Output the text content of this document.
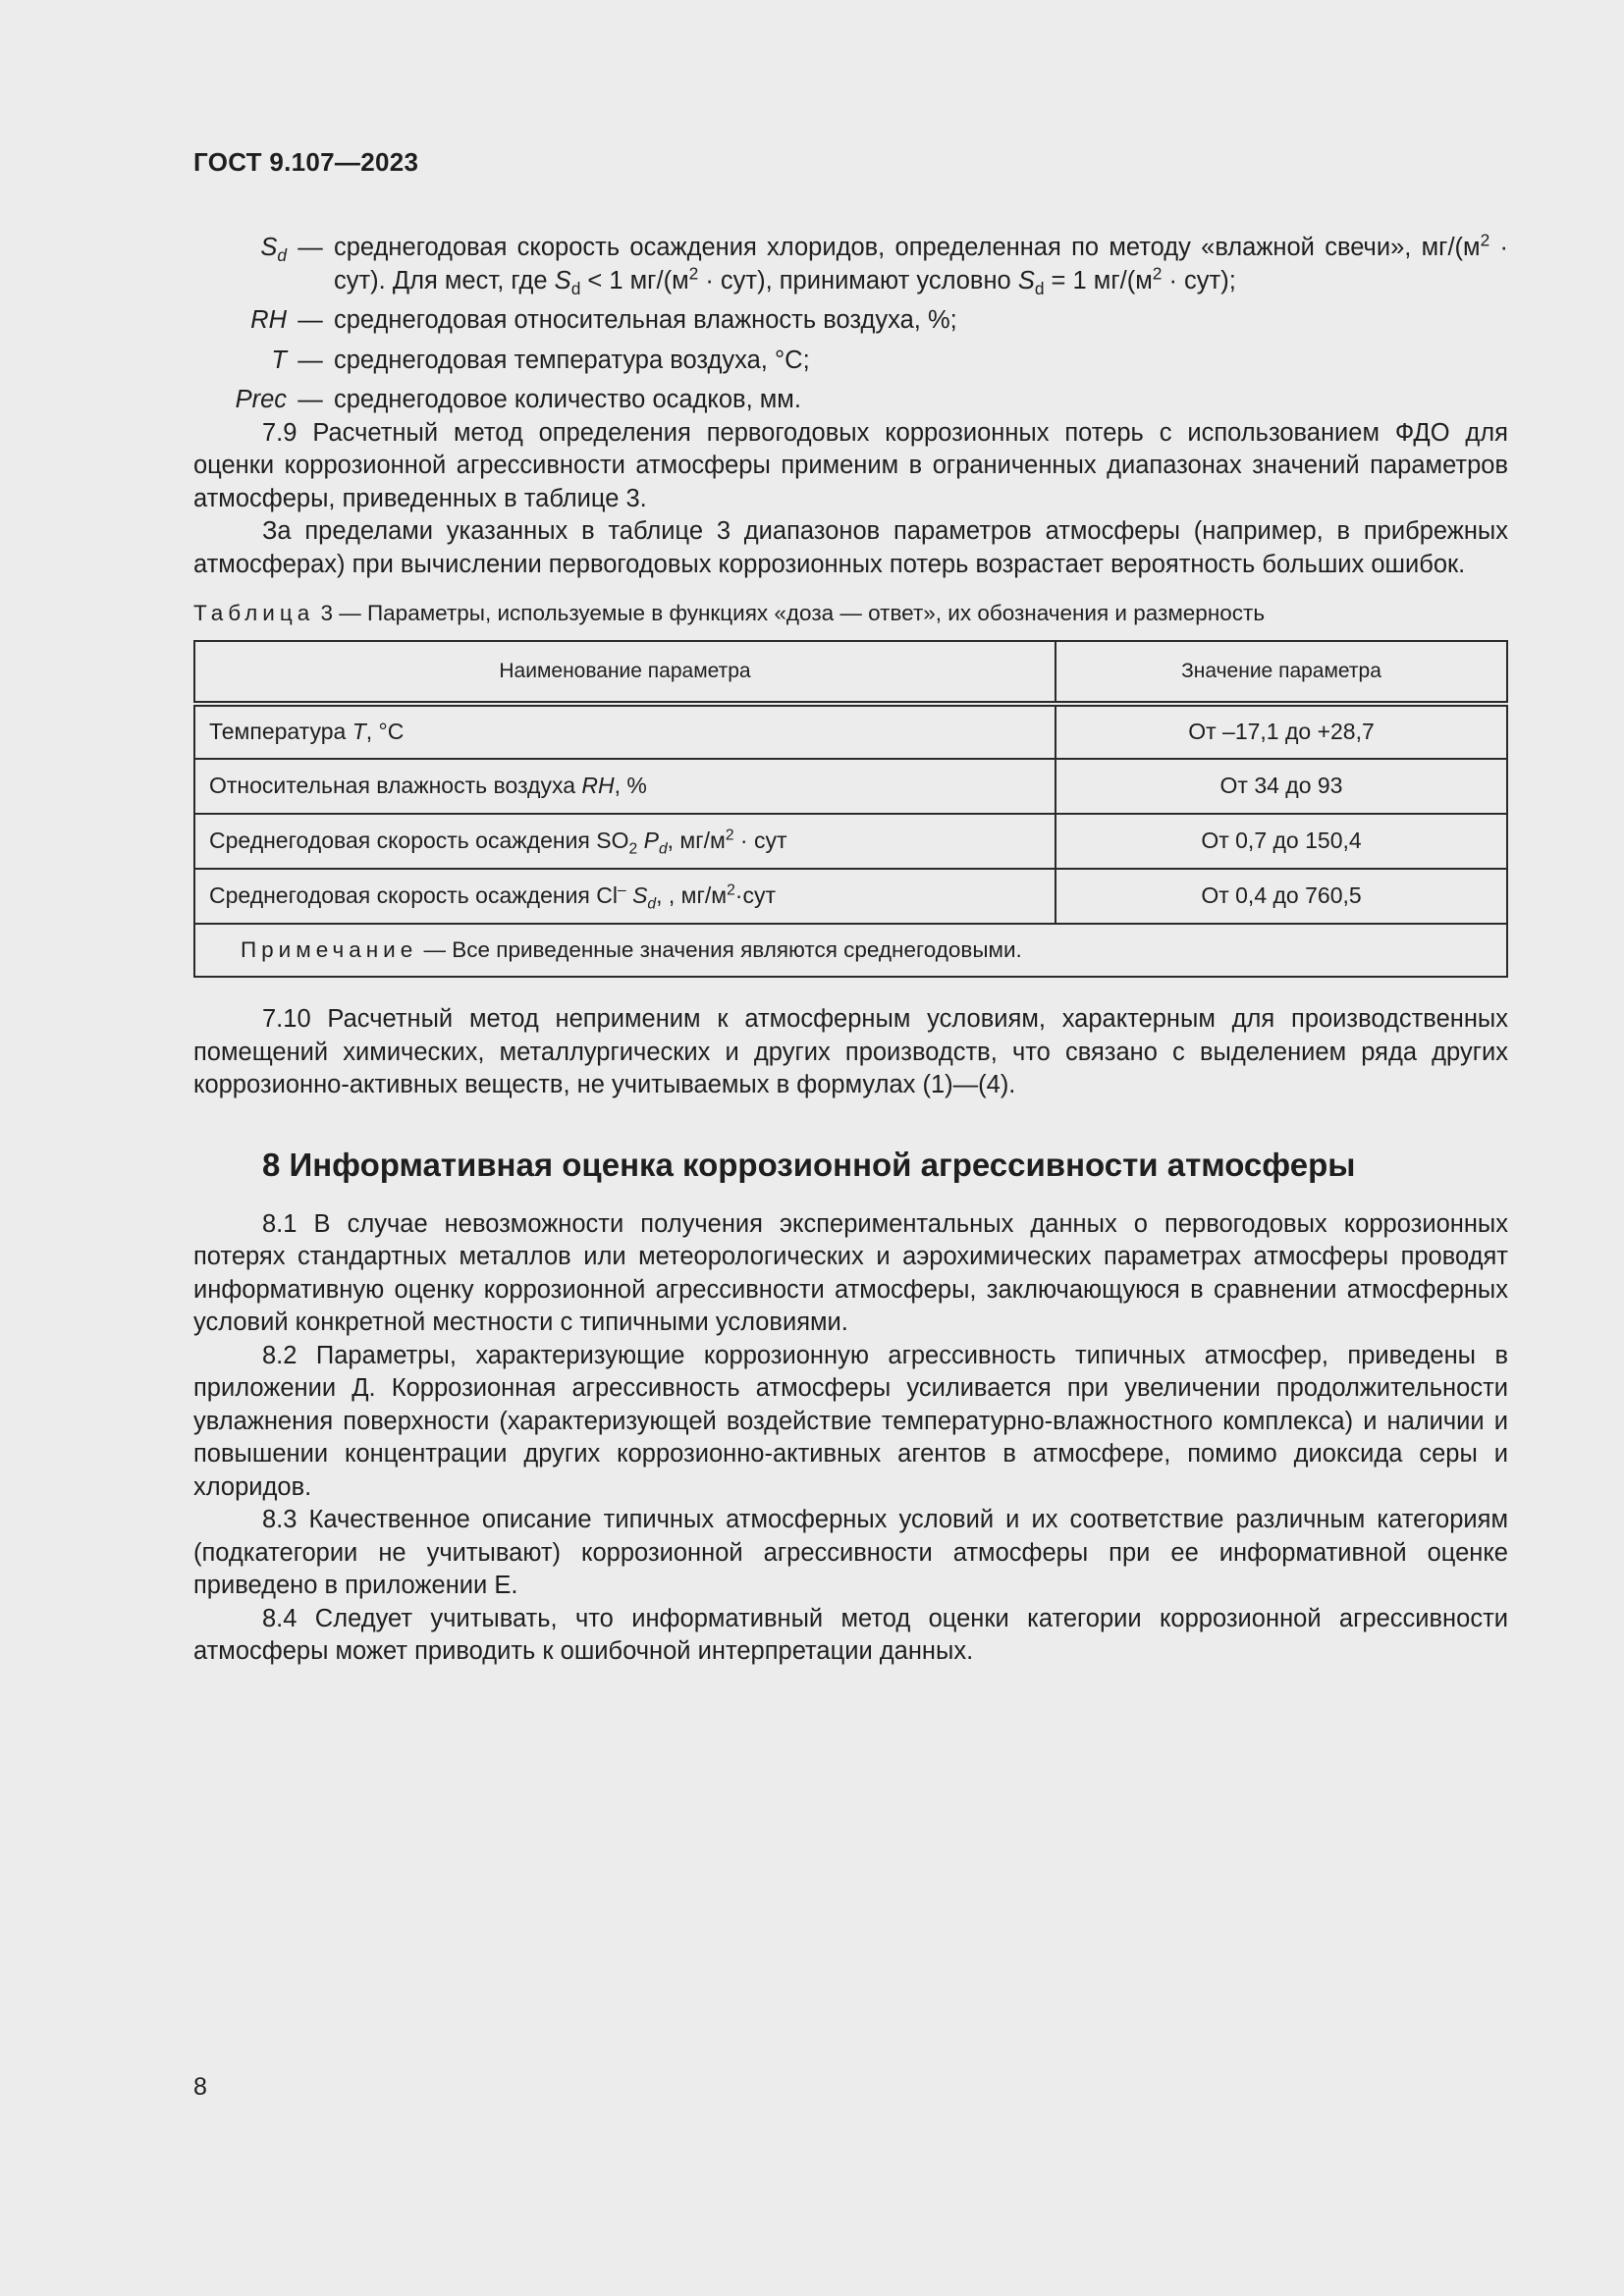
ГОСТ 9.107—2023
$S_d$ — среднегодовая скорость осаждения хлоридов, определенная по методу «влажной свечи», $мг/(м^2 \cdot сут)$. Для мест, где $S_d < 1$ $мг/(м^2 \cdot сут)$, принимают условно $S_d = 1$ $мг/(м^2 \cdot сут)$;
RH — среднегодовая относительная влажность воздуха, %;
T — среднегодовая температура воздуха, °С;
Prec — среднегодовое количество осадков, мм.

7.9 Расчетный метод определения первогодовых коррозионных потерь с использованием ФДО для оценки коррозионной агрессивности атмосферы применим в ограниченных диапазонах значений параметров атмосферы, приведенных в таблице 3.

За пределами указанных в таблице 3 диапазонов параметров атмосферы (например, в прибрежных атмосферах) при вычислении первогодовых коррозионных потерь возрастает вероятность больших ошибок.

Таблица 3 — Параметры, используемые в функциях «доза — ответ», их обозначения и размерность
Наименование параметра	Значение параметра
Температура T, °С	От –17,1 до +28,7
Относительная влажность воздуха RH, %	От 34 до 93
Среднегодовая скорость осаждения $SO_2$ $P_d$, $мг/м^2$ · сут	От 0,7 до 150,4
Среднегодовая скорость осаждения Cl– $S_d$, , $мг/м^2\cdot сут$	От 0,4 до 760,5
Примечание — Все приведенные значения являются среднегодовыми.	

7.10 Расчетный метод неприменим к атмосферным условиям, характерным для производственных помещений химических, металлургических и других производств, что связано с выделением ряда других коррозионно-активных веществ, не учитываемых в формулах (1)—(4).

8 Информативная оценка коррозионной агрессивности атмосферы

8.1 В случае невозможности получения экспериментальных данных о первогодовых коррозионных потерях стандартных металлов или метеорологических и аэрохимических параметрах атмосферы проводят информативную оценку коррозионной агрессивности атмосферы, заключающуюся в сравнении атмосферных условий конкретной местности с типичными условиями.

8.2 Параметры, характеризующие коррозионную агрессивность типичных атмосфер, приведены в приложении Д. Коррозионная агрессивность атмосферы усиливается при увеличении продолжительности увлажнения поверхности (характеризующей воздействие температурно-влажностного комплекса) и наличии и повышении концентрации других коррозионно-активных агентов в атмосфере, помимо диоксида серы и хлоридов.

8.3 Качественное описание типичных атмосферных условий и их соответствие различным категориям (подкатегории не учитывают) коррозионной агрессивности атмосферы при ее информативной оценке приведено в приложении Е.

8.4 Следует учитывать, что информативный метод оценки категории коррозионной агрессивности атмосферы может приводить к ошибочной интерпретации данных.

8
